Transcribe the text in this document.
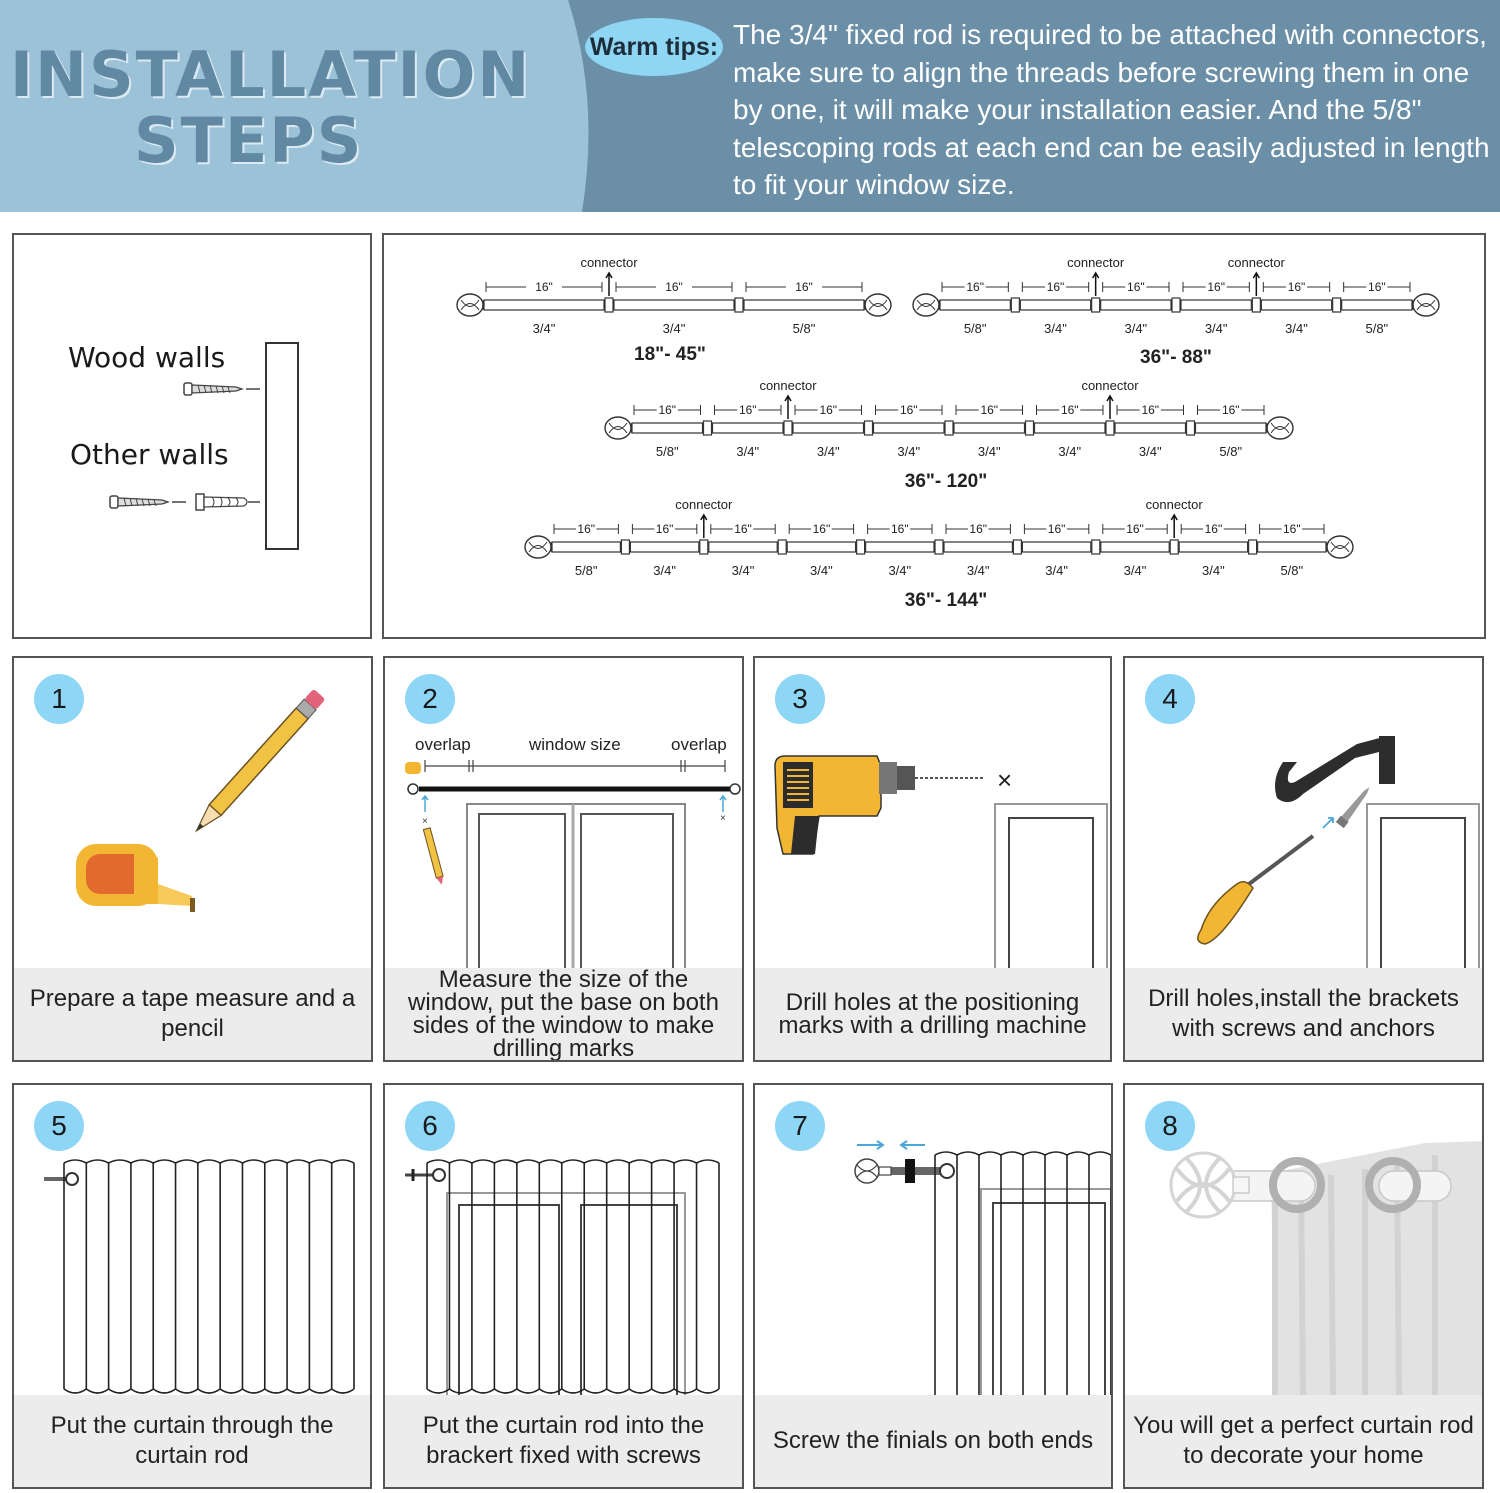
INSTALLATION
STEPS
Warm tips: The 3/4" fixed rod is required to be attached with connectors,
make sure to align the threads before screwing them in one
by one, it will make your installation easier. And the 5/8"
telescoping rods at each end can be easily adjusted in length
to fit your window size.
Wood walls
Other walls
16"
3/4"
connector
16"
3/4"
16"
5/8"
18"- 45"
16"
5/8"
16"
3/4"
connector
16"
3/4"
16"
3/4"
connector
16"
3/4"
16"
5/8"
36"- 88"
16"
5/8"
16"
3/4"
connector
16"
3/4"
16"
3/4"
16"
3/4"
16"
3/4"
connector
16"
3/4"
16"
5/8"
36"- 120"
16"
5/8"
16"
3/4"
connector
16"
3/4"
16"
3/4"
16"
3/4"
16"
3/4"
16"
3/4"
16"
3/4"
connector
16"
3/4"
16"
5/8"
36"- 144"
1
Prepare a tape measure and a pencil
overlap	window size	overlap
×	×
2
Measure the size of the window, put the base on both sides of the window to make drilling marks
×
3
Drill holes at the positioning marks with a drilling machine
4
Drill holes,install the brackets with screws and anchors
5
Put the curtain through the curtain rod
6
Put the curtain rod into the brackert fixed with screws
7
Screw the finials on both ends
8
You will get a perfect curtain rod to decorate your home
